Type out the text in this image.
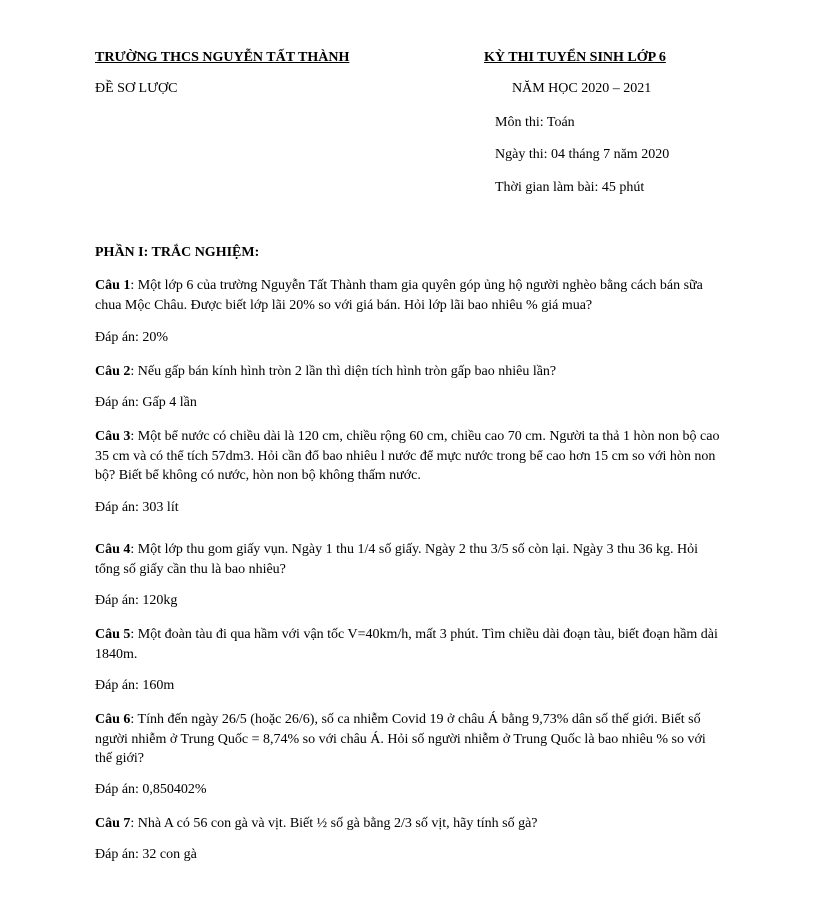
TRƯỜNG THCS NGUYỄN TẤT THÀNH
ĐỀ SƠ LƯỢC
KỲ THI TUYỂN SINH LỚP 6
NĂM HỌC 2020 – 2021
Môn thi: Toán
Ngày thi: 04 tháng 7 năm 2020
Thời gian làm bài: 45 phút
PHẦN I: TRẮC NGHIỆM:
Câu 1: Một lớp 6 của trường Nguyễn Tất Thành tham gia quyên góp ủng hộ người nghèo bằng cách bán sữa chua Mộc Châu. Được biết lớp lãi 20% so với giá bán. Hỏi lớp lãi bao nhiêu % giá mua?
Đáp án: 20%
Câu 2: Nếu gấp bán kính hình tròn 2 lần thì diện tích hình tròn gấp bao nhiêu lần?
Đáp án: Gấp 4 lần
Câu 3: Một bể nước có chiều dài là 120 cm, chiều rộng 60 cm, chiều cao 70 cm. Người ta thả 1 hòn non bộ cao 35 cm và có thể tích 57dm3. Hỏi cần đổ bao nhiêu l nước để mực nước trong bể cao hơn 15 cm so với hòn non bộ? Biết bể không có nước, hòn non bộ không thấm nước.
Đáp án: 303 lít
Câu 4: Một lớp thu gom giấy vụn. Ngày 1 thu 1/4 số giấy. Ngày 2 thu 3/5 số còn lại. Ngày 3 thu 36 kg. Hỏi tổng số giấy cần thu là bao nhiêu?
Đáp án: 120kg
Câu 5: Một đoàn tàu đi qua hầm với vận tốc V=40km/h, mất 3 phút. Tìm chiều dài đoạn tàu, biết đoạn hầm dài 1840m.
Đáp án: 160m
Câu 6: Tính đến ngày 26/5 (hoặc 26/6), số ca nhiễm Covid 19 ở châu Á bằng 9,73% dân số thế giới. Biết số người nhiễm ở Trung Quốc = 8,74% so với châu Á. Hỏi số người nhiễm ở Trung Quốc là bao nhiêu % so với thế giới?
Đáp án: 0,850402%
Câu 7: Nhà A có 56 con gà và vịt. Biết ½ số gà bằng 2/3 số vịt, hãy tính số gà?
Đáp án: 32 con gà
